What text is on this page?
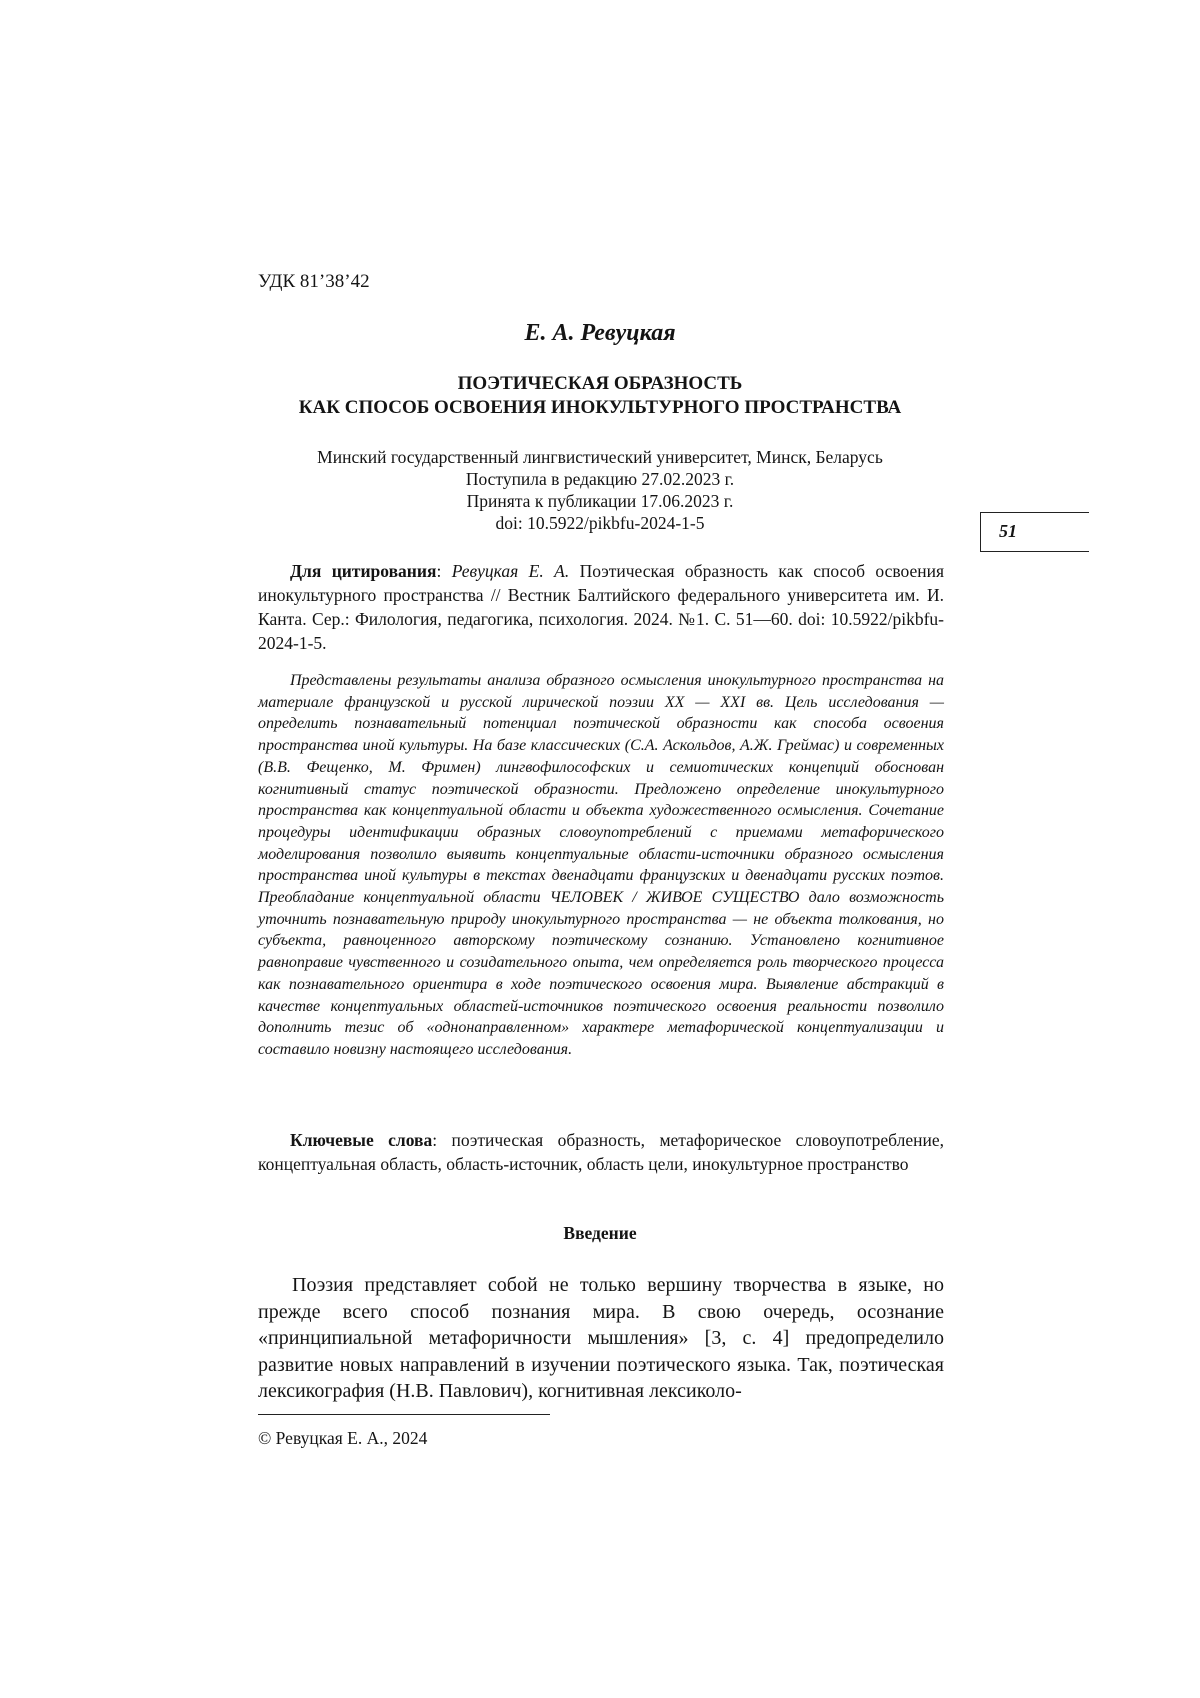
УДК 81’38’42
Е. А. Ревуцкая
ПОЭТИЧЕСКАЯ ОБРАЗНОСТЬ
КАК СПОСОБ ОСВОЕНИЯ ИНОКУЛЬТУРНОГО ПРОСТРАНСТВА
Минский государственный лингвистический университет, Минск, Беларусь
Поступила в редакцию 27.02.2023 г.
Принята к публикации 17.06.2023 г.
doi: 10.5922/pikbfu-2024-1-5	51
Для цитирования: Ревуцкая Е. А. Поэтическая образность как способ освоения инокультурного пространства // Вестник Балтийского федерального университета им. И. Канта. Сер.: Филология, педагогика, психология. 2024. №1. С. 51—60. doi: 10.5922/pikbfu-2024-1-5.
Представлены результаты анализа образного осмысления инокультурного пространства на материале французской и русской лирической поэзии XX — XXI вв. Цель исследования — определить познавательный потенциал поэтической образности как способа освоения пространства иной культуры. На базе классических (С.А. Аскольдов, А.Ж. Греймас) и современных (В.В. Фещенко, М. Фримен) лингвофилософских и семиотических концепций обоснован когнитивный статус поэтической образности. Предложено определение инокультурного пространства как концептуальной области и объекта художественного осмысления. Сочетание процедуры идентификации образных словоупотреблений с приемами метафорического моделирования позволило выявить концептуальные области-источники образного осмысления пространства иной культуры в текстах двенадцати французских и двенадцати русских поэтов. Преобладание концептуальной области ЧЕЛОВЕК / ЖИВОЕ СУЩЕСТВО дало возможность уточнить познавательную природу инокультурного пространства — не объекта толкования, но субъекта, равноценного авторскому поэтическому сознанию. Установлено когнитивное равноправие чувственного и созидательного опыта, чем определяется роль творческого процесса как познавательного ориентира в ходе поэтического освоения мира. Выявление абстракций в качестве концептуальных областей-источников поэтического освоения реальности позволило дополнить тезис об «однонаправленном» характере метафорической концептуализации и составило новизну настоящего исследования.
Ключевые слова: поэтическая образность, метафорическое словоупотребление, концептуальная область, область-источник, область цели, инокультурное пространство
Введение
Поэзия представляет собой не только вершину творчества в языке, но прежде всего способ познания мира. В свою очередь, осознание «принципиальной метафоричности мышления» [3, с. 4] предопределило развитие новых направлений в изучении поэтического языка. Так, поэтическая лексикография (Н.В. Павлович), когнитивная лексиколо-
© Ревуцкая Е. А., 2024
